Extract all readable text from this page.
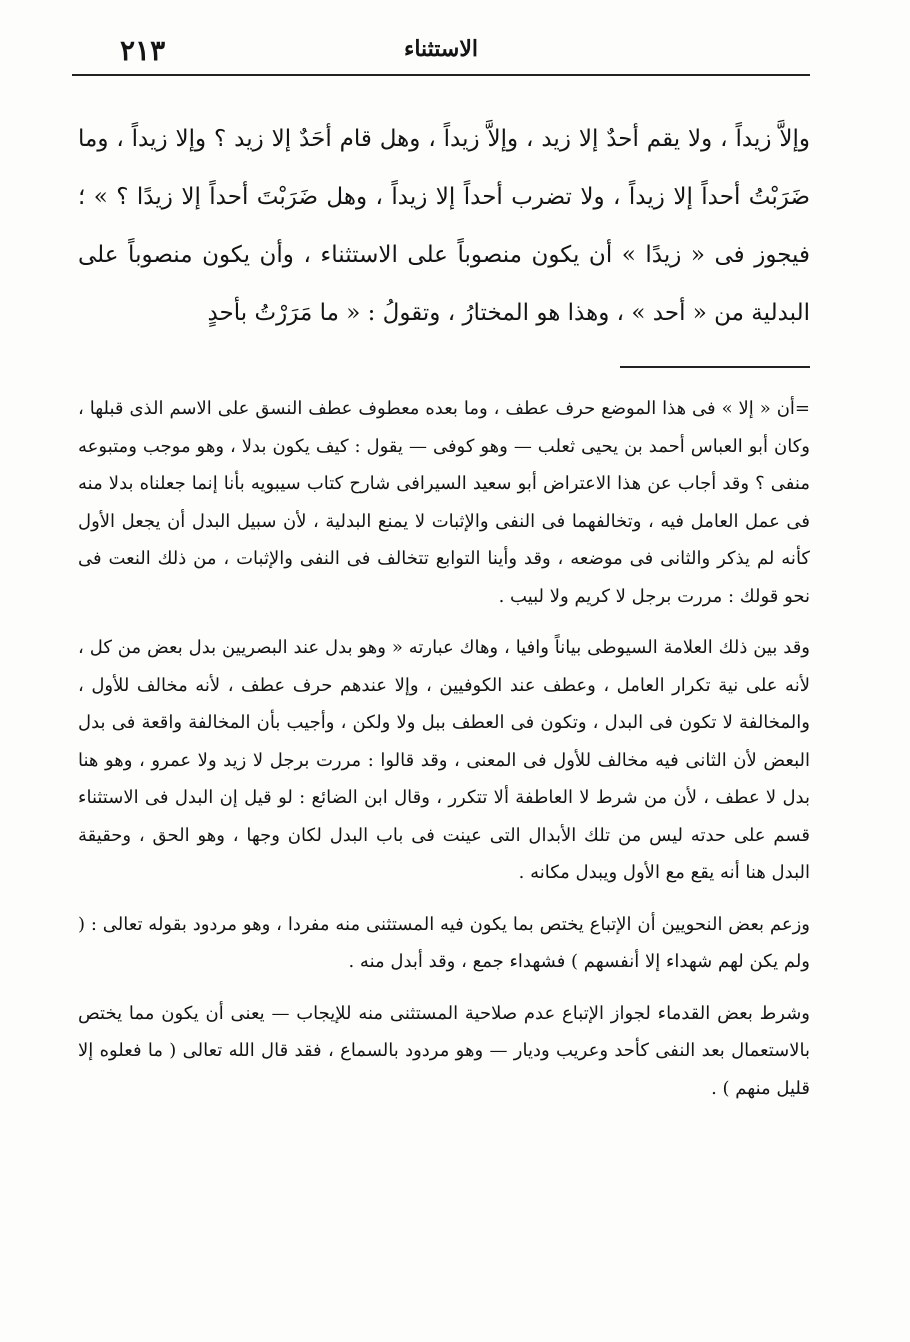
٢١٣	الاستثناء

وإلاَّ زيداً ، ولا يقم أحدٌ إلا زيد ، وإلاَّ زيداً ، وهل قام أحَدٌ إلا زيد ؟ وإلا زيداً ، وما ضَرَبْتُ أحداً إلا زيداً ، ولا تضرب أحداً إلا زيداً ، وهل ضَرَبْتَ أحداً إلا زيدًا ؟ » ؛ فيجوز فى « زيدًا » أن يكون منصوباً على الاستثناء ، وأن يكون منصوباً على البدلية من « أحد » ، وهذا هو المختارُ ، وتقولُ : « ما مَرَرْتُ بأحدٍ

=أن « إلا » فى هذا الموضع حرف عطف ، وما بعده معطوف عطف النسق على الاسم الذى قبلها ، وكان أبو العباس أحمد بن يحيى ثعلب — وهو كوفى — يقول : كيف يكون بدلا ، وهو موجب ومتبوعه منفى ؟ وقد أجاب عن هذا الاعتراض أبو سعيد السيرافى شارح كتاب سيبويه بأنا إنما جعلناه بدلا منه فى عمل العامل فيه ، وتخالفهما فى النفى والإثبات لا يمنع البدلية ، لأن سبيل البدل أن يجعل الأول كأنه لم يذكر والثانى فى موضعه ، وقد وأينا التوابع تتخالف فى النفى والإثبات ، من ذلك النعت فى نحو قولك : مررت برجل لا كريم ولا لبيب .

وقد بين ذلك العلامة السيوطى بياناً وافيا ، وهاك عبارته « وهو بدل عند البصريين بدل بعض من كل ، لأنه على نية تكرار العامل ، وعطف عند الكوفيين ، وإلا عندهم حرف عطف ، لأنه مخالف للأول ، والمخالفة لا تكون فى البدل ، وتكون فى العطف ببل ولا ولكن ، وأجيب بأن المخالفة واقعة فى بدل البعض لأن الثانى فيه مخالف للأول فى المعنى ، وقد قالوا : مررت برجل لا زيد ولا عمرو ، وهو هنا بدل لا عطف ، لأن من شرط لا العاطفة ألا تتكرر ، وقال ابن الضائع : لو قيل إن البدل فى الاستثناء قسم على حدته ليس من تلك الأبدال التى عينت فى باب البدل لكان وجها ، وهو الحق ، وحقيقة البدل هنا أنه يقع مع الأول ويبدل مكانه .

وزعم بعض النحويين أن الإتباع يختص بما يكون فيه المستثنى منه مفردا ، وهو مردود بقوله تعالى : ( ولم يكن لهم شهداء إلا أنفسهم ) فشهداء جمع ، وقد أبدل منه .

وشرط بعض القدماء لجواز الإتباع عدم صلاحية المستثنى منه للإيجاب — يعنى أن يكون مما يختص بالاستعمال بعد النفى كأحد وعريب وديار — وهو مردود بالسماع ، فقد قال الله تعالى ( ما فعلوه إلا قليل منهم ) .
